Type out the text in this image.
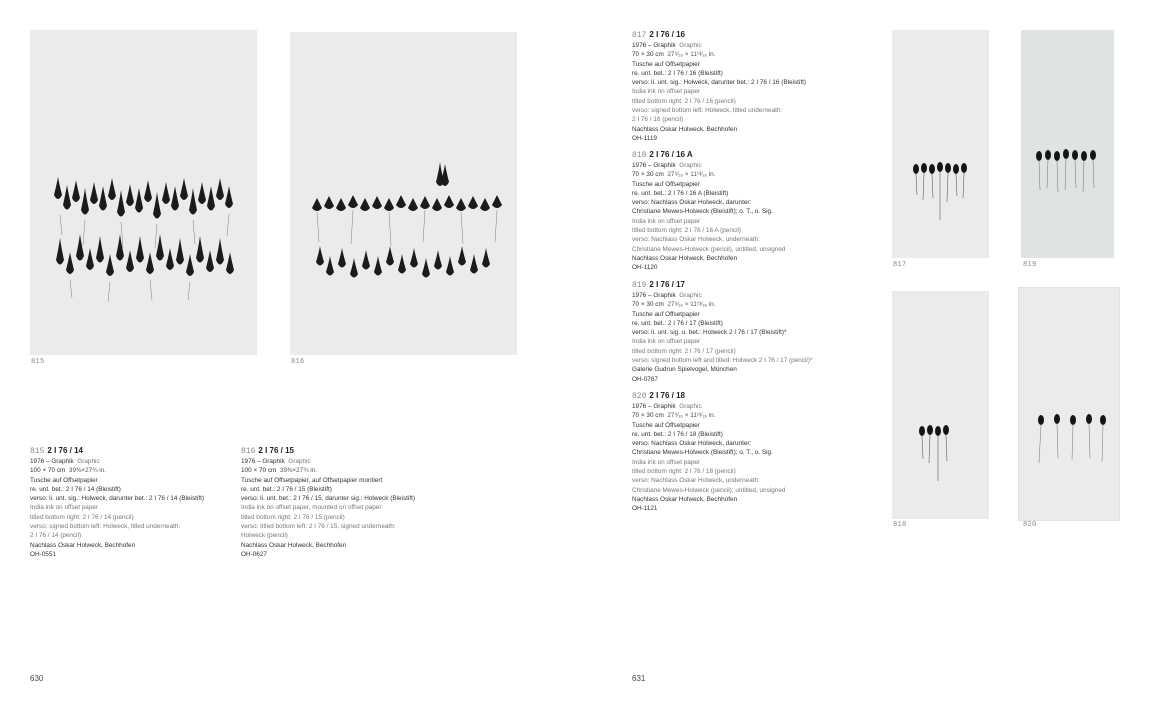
815	816
817	819
818	820
815 2 I 76 / 14
1976 – Graphik Graphic
100 × 70 cm 39⅜×27¾ in.
Tusche auf Offsetpapier
re. unt. bet.: 2 I 76 / 14 (Bleistift)
verso: li. unt. sig.: Holweck, darunter bet.: 2 I 76 / 14 (Bleistift)
India ink on offset paper
titled bottom right: 2 I 76 / 14 (pencil)
verso: signed bottom left: Holweck, titled underneath:
2 I 76 / 14 (pencil)
Nachlass Oskar Holweck, Bechhofen
OH-0551
816 2 I 76 / 15
1976 – Graphik Graphic
100 × 70 cm 39⅜×27¾ in.
Tusche auf Offsetpapier, auf Offsetpapier montiert
re. unt. bet.: 2 I 76 / 15 (Bleistift)
verso: li. unt. bet.: 2 I 76 / 15, darunter sig.: Holweck (Bleistift)
India ink on offset paper, mounted on offset paper
titled bottom right: 2 I 76 / 15 (pencil)
verso: titled bottom left: 2 I 76 / 15, signed underneath:
Holweck (pencil)
Nachlass Oskar Holweck, Bechhofen
OH-0627
817 2 I 76 / 16
1976 – Graphik Graphic
70 × 30 cm 27⁹⁄₁₆ × 11¹³⁄₁₆ in.
Tusche auf Offsetpapier
re. unt. bet.: 2 I 76 / 16 (Bleistift)
verso: li. unt. sig.: Holweck, darunter bet.: 2 I 76 / 16 (Bleistift)
India ink on offset paper
titled bottom right: 2 I 76 / 16 (pencil)
verso: signed bottom left: Holweck, titled underneath:
2 I 76 / 16 (pencil)
Nachlass Oskar Holweck, Bechhofen
OH-1119
818 2 I 76 / 16 A
1976 – Graphik Graphic
70 × 30 cm 27⁹⁄₁₆ × 11¹³⁄₁₆ in.
Tusche auf Offsetpapier
re. unt. bet.: 2 I 76 / 16 A (Bleistift)
verso: Nachlass Oskar Holweck, darunter:
Christiane Mewes-Holweck (Bleistift); o. T., o. Sig.
India ink on offset paper
titled bottom right: 2 I 76 / 16 A (pencil)
verso: Nachlass Oskar Holweck, underneath:
Christiane Mewes-Holweck (pencil), untitled, unsigned
Nachlass Oskar Holweck, Bechhofen
OH-1120
819 2 I 76 / 17
1976 – Graphik Graphic
70 × 30 cm 27⁹⁄₁₆ × 11¹³⁄₁₆ in.
Tusche auf Offsetpapier
re. unt. bet.: 2 I 76 / 17 (Bleistift)
verso: li. unt. sig. u. bet.: Holweck 2 I 76 / 17 (Bleistift)*
India ink on offset paper
titled bottom right: 2 I 76 / 17 (pencil)
verso: signed bottom left and titled: Holweck 2 I 76 / 17 (pencil)*
Galerie Gudrun Spielvogel, München
OH-0767
820 2 I 76 / 18
1976 – Graphik Graphic
70 × 30 cm 27⁹⁄₁₆ × 11¹³⁄₁₆ in.
Tusche auf Offsetpapier
re. unt. bet.: 2 I 76 / 18 (Bleistift)
verso: Nachlass Oskar Holweck, darunter:
Christiane Mewes-Holweck (Bleistift); o. T., o. Sig.
India ink on offset paper
titled bottom right: 2 I 76 / 18 (pencil)
verso: Nachlass Oskar Holweck, underneath:
Christiane Mewes-Holweck (pencil); untitled, unsigned
Nachlass Oskar Holweck, Bechhofen
OH-1121
630	631
